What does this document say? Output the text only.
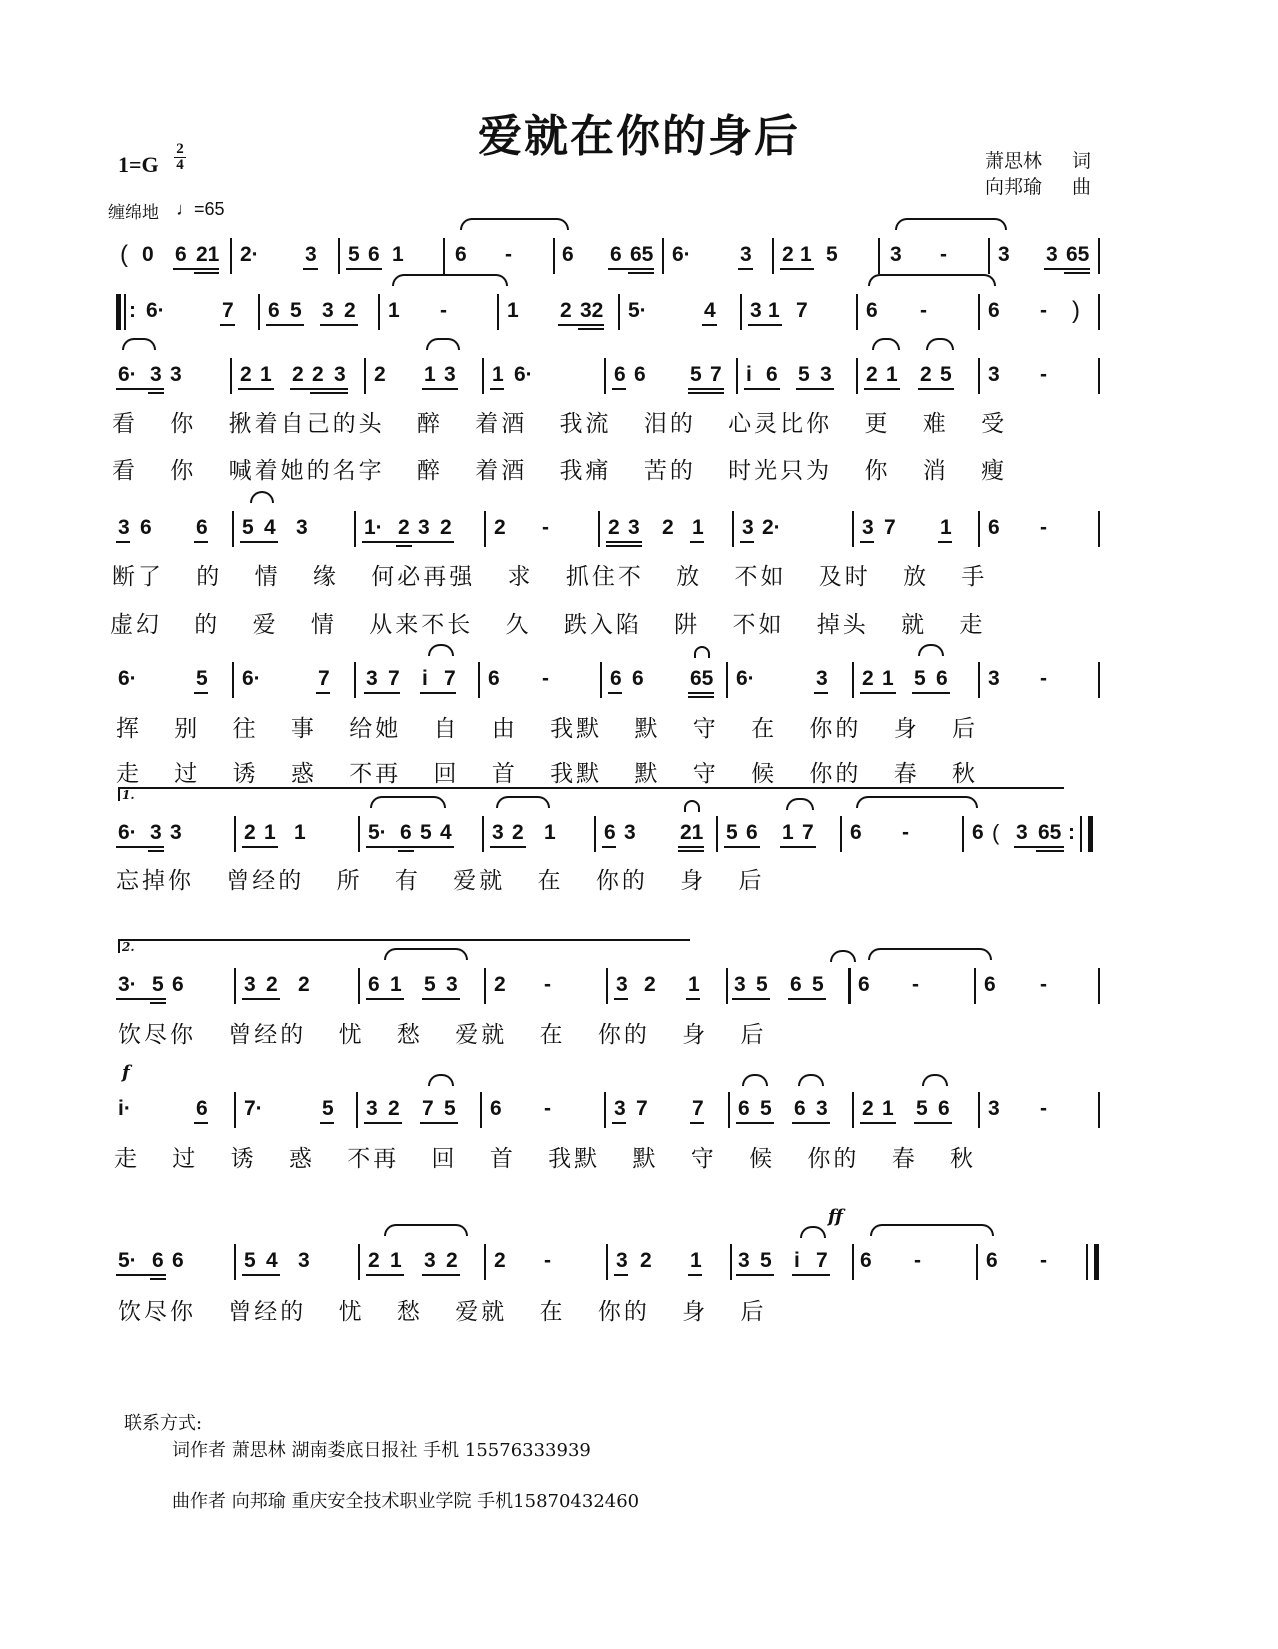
爱就在你的身后
1=G
2
4
缠绵地 ♩=65
萧思林 词
向邦瑜 曲
( 0 6 21 2· 3 5 6 1 6 - 6 6 65 6· 3 2 1 5 3 - 3 3 65
: 6·	7 6 5 3 2 1 -	1 2 32 5·	4 3 1 7	6 -	6 - )
6· 3 3	2 1 2 2 3 2 1 3 1 6·	6 6 5 7 i 6 5 3 2 1 2 5 3 -
看 你 揪着自己的头 醉 着酒 我流 泪的 心灵比你 更 难 受
看 你 喊着她的名字 醉 着酒 我痛 苦的 时光只为 你 消 瘦
3 6 6 5 4 3	1· 2 3 2 2 -	2 3 2 1 3 2·	3 7 1 6 -
断了 的 情 缘 何必再强 求 抓住不 放 不如 及时 放 手
虚幻 的 爱 情 从来不长 久 跌入陷 阱 不如 掉头 就 走
6·	5 6·	7 3 7 i 7 6 -	6 6 65 6·	3 2 1 5 6 3 -
挥 别 往 事 给她 自 由 我默 默 守 在 你的 身 后
走 过 诱 惑 不再 回 首 我默 默 守 候 你的 春 秋
1.
6· 3 3	2 1 1	5· 6 5 4 3 2 1 6 3 21 5 6 1 7 6 -	6 ( 3 65 :
忘掉你 曾经的 所 有 爱就 在 你的 身 后
2.
3· 5 6	3 2 2	6 1 5 3 2 -	3 2 1 3 5 6 5 6 -	6 -
饮尽你 曾经的 忧 愁 爱就 在 你的 身 后
f
i·	6 7·	5 3 2 7 5 6 -	3 7 7 6 5 6 3 2 1 5 6 3 -
走 过 诱 惑 不再 回 首 我默 默 守 候 你的 春 秋
ff
5· 6 6	5 4 3	2 1 3 2 2 -	3 2 1 3 5 i 7 6 -	6 -
饮尽你 曾经的 忧 愁 爱就 在 你的 身 后
联系方式:
词作者 萧思林 湖南娄底日报社 手机 15576333939
曲作者 向邦瑜 重庆安全技术职业学院 手机15870432460
